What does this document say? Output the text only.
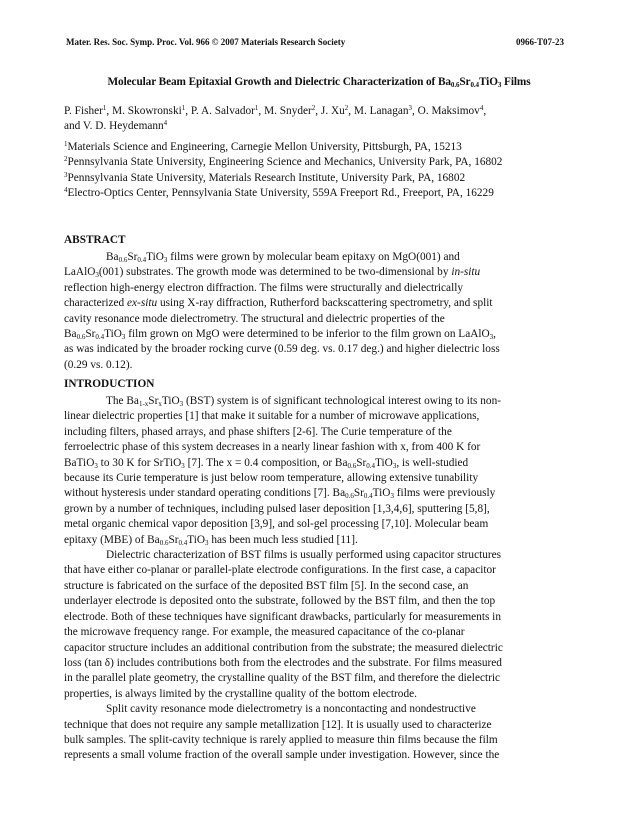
Mater. Res. Soc. Symp. Proc. Vol. 966 © 2007 Materials Research Society	0966-T07-23
Molecular Beam Epitaxial Growth and Dielectric Characterization of $Ba_{0.6}Sr_{0.4}TiO_3$ Films
P. Fisher$^1$, M. Skowronski$^1$, P. A. Salvador$^1$, M. Snyder$^2$, J. Xu$^2$, M. Lanagan$^3$, O. Maksimov$^4$,
and V. D. Heydemann$^4$
$^1$Materials Science and Engineering, Carnegie Mellon University, Pittsburgh, PA, 15213
$^2$Pennsylvania State University, Engineering Science and Mechanics, University Park, PA, 16802
$^3$Pennsylvania State University, Materials Research Institute, University Park, PA, 16802
$^4$Electro-Optics Center, Pennsylvania State University, 559A Freeport Rd., Freeport, PA, 16229
ABSTRACT
$Ba_{0.6}Sr_{0.4}TiO_3$ films were grown by molecular beam epitaxy on MgO(001) and
LaAlO$_3$(001) substrates. The growth mode was determined to be two-dimensional by in-situ
reflection high-energy electron diffraction. The films were structurally and dielectrically
characterized ex-situ using X-ray diffraction, Rutherford backscattering spectrometry, and split
cavity resonance mode dielectrometry. The structural and dielectric properties of the
$Ba_{0.6}Sr_{0.4}TiO_3$ film grown on MgO were determined to be inferior to the film grown on LaAlO$_3$,
as was indicated by the broader rocking curve (0.59 deg. vs. 0.17 deg.) and higher dielectric loss
(0.29 vs. 0.12).
INTRODUCTION
The $Ba_{1-x}Sr_xTiO_3$ (BST) system is of significant technological interest owing to its non-
linear dielectric properties [1] that make it suitable for a number of microwave applications,
including filters, phased arrays, and phase shifters [2-6]. The Curie temperature of the
ferroelectric phase of this system decreases in a nearly linear fashion with x, from 400 K for
BaTiO$_3$ to 30 K for SrTiO$_3$ [7]. The x = 0.4 composition, or $Ba_{0.6}Sr_{0.4}TiO_3$, is well-studied
because its Curie temperature is just below room temperature, allowing extensive tunability
without hysteresis under standard operating conditions [7]. $Ba_{0.6}Sr_{0.4}TiO_3$ films were previously
grown by a number of techniques, including pulsed laser deposition [1,3,4,6], sputtering [5,8],
metal organic chemical vapor deposition [3,9], and sol-gel processing [7,10]. Molecular beam
epitaxy (MBE) of $Ba_{0.6}Sr_{0.4}TiO_3$ has been much less studied [11].
Dielectric characterization of BST films is usually performed using capacitor structures
that have either co-planar or parallel-plate electrode configurations. In the first case, a capacitor
structure is fabricated on the surface of the deposited BST film [5]. In the second case, an
underlayer electrode is deposited onto the substrate, followed by the BST film, and then the top
electrode. Both of these techniques have significant drawbacks, particularly for measurements in
the microwave frequency range. For example, the measured capacitance of the co-planar
capacitor structure includes an additional contribution from the substrate; the measured dielectric
loss (tan δ) includes contributions both from the electrodes and the substrate. For films measured
in the parallel plate geometry, the crystalline quality of the BST film, and therefore the dielectric
properties, is always limited by the crystalline quality of the bottom electrode.
Split cavity resonance mode dielectrometry is a noncontacting and nondestructive
technique that does not require any sample metallization [12]. It is usually used to characterize
bulk samples. The split-cavity technique is rarely applied to measure thin films because the film
represents a small volume fraction of the overall sample under investigation. However, since the
